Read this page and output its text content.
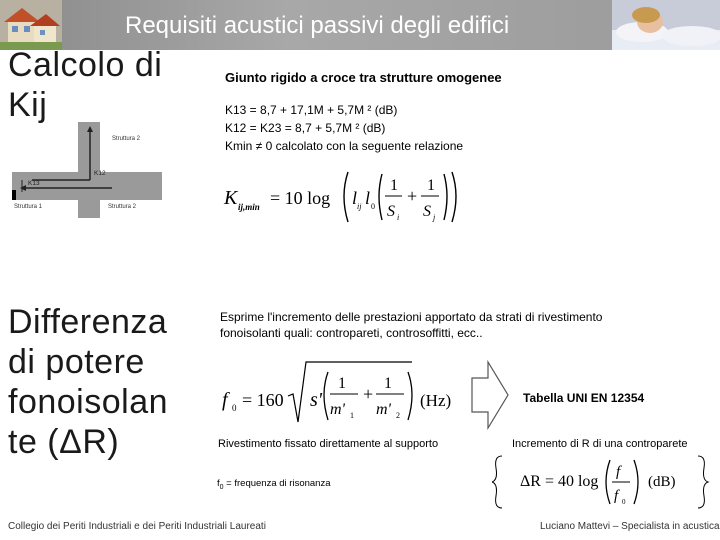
Requisiti acustici passivi degli edifici
Calcolo di
Kij
Struttura 2
K12
K13
Struttura 1	Struttura 2
Giunto rigido a croce tra strutture omogenee
K13 = 8,7 + 17,1M + 5,7M ² (dB)
K12 = K23 = 8,7 + 5,7M ² (dB)
Kmin ≠ 0 calcolato con la seguente relazione
K ij,min = 10 log l ij l 0
1
S i
+
1
S j
Differenza
di potere
fonoisolan
te (ΔR)
Esprime l'incremento delle prestazioni apportato da strati di rivestimento
fonoisolanti quali: contropareti, controsoffitti, ecc..
f 0 = 160 s'
1
m' 1
+
1
m' 2
(Hz)	Tabella UNI EN 12354
Rivestimento fissato direttamente al supporto	Incremento di R di una controparete
$f_0$ = frequenza di risonanza	ΔR = 40 log
f
f 0
(dB)
Collegio dei Periti Industriali e dei Periti Industriali Laureati	Luciano Mattevi – Specialista in acustica
